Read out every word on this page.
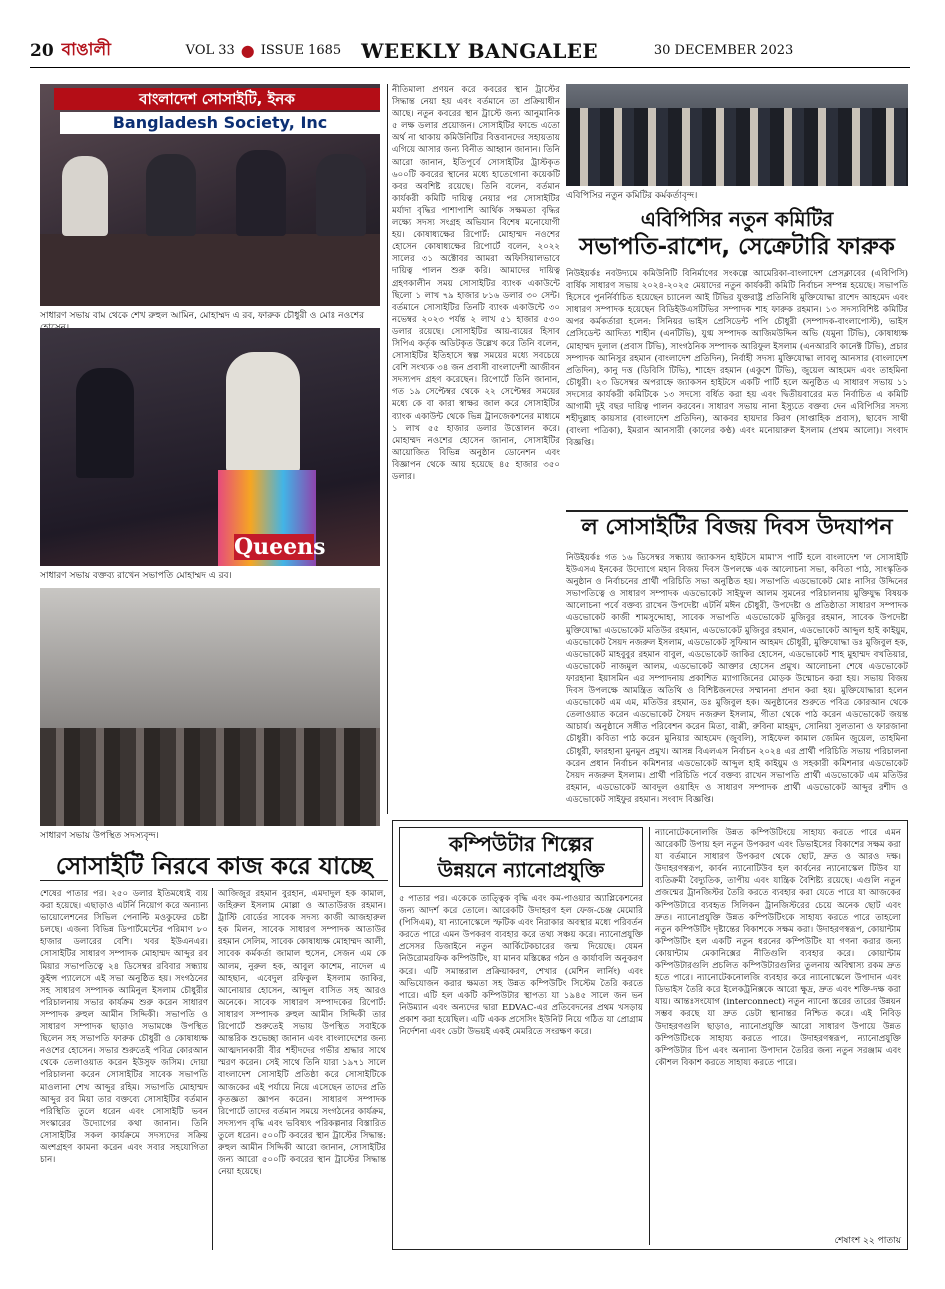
20 বাঙালী	VOL 33 ● ISSUE 1685 WEEKLY BANGALEE	30 DECEMBER 2023
বাংলাদেশ সোসাইটি, ইনক
Bangladesh Society, Inc
সাধারণ সভায় বাম থেকে শেখ রুহুল আমিন, মোহাম্মদ এ রব, ফারুক চৌধুরী ও মোঃ নওশের
Queens
সাধারণ সভায় বক্তব্য রাখেন সভাপতি মোহাম্মদ এ রব।
সাধারণ সভায় উপস্থিত সদস্যবৃন্দ।
সোসাইটি নিরবে কাজ করে যাচ্ছে
শেষের পাতার পর। ২৫০ ডলার ইতিমধ্যেই ব্যয় করা হয়েছে। এছাড়াও এটর্নি নিয়োগ করে অন্যান্য ভায়োলেশনের সিভিল পেনাল্টি মওকুফের চেষ্টা চলছে। এজন্য বিভিন্ন ডিপার্টমেন্টের পরিমাণ ৮০ হাজার ডলারের বেশি। খবর ইউএনএর। সোসাইটির সাধারণ সম্পাদক মোহাম্মদ আব্দুর রব মিয়ার সভাপতিত্বে ২৪ ডিসেম্বর রবিবার সন্ধ্যায় কুইন্স প্যালেসে এই সভা অনুষ্ঠিত হয়। সংগঠনের সহ সাধারণ সম্পাদক আমিনুল ইসলাম চৌধুরীর পরিচালনায় সভার কার্যক্রম শুরু করেন সাধারণ সম্পাদক রুহুল আমীন সিদ্দিকী। সভাপতি ও সাধারণ সম্পাদক ছাড়াও সভামঞ্চে উপস্থিত ছিলেন সহ সভাপতি ফারুক চৌধুরী ও কোষাধ্যক্ষ নওশের হোসেন। সভার শুরুতেই পবিত্র কোরআন থেকে তেলাওয়াত করেন ইউসুফ জসিম। দোয়া পরিচালনা করেন সোসাইটির সাবেক সভাপতি মাওলানা শেখ আব্দুর রহিম। সভাপতি মোহাম্মদ আব্দুর রব মিয়া তার বক্তব্যে সোসাইটির বর্তমান পরিস্থিতি তুলে ধরেন এবং সোসাইটি ভবন সংস্কারের উদ্যোগের কথা জানান। তিনি সোসাইটির সকল কার্যক্রমে সদস্যদের সক্রিয় অংশগ্রহণ কামনা করেন এবং সবার সহযোগিতা চান।
আজিজুর রহমান বুরহান, এমদাদুল হক কামাল, জহিরুল ইসলাম মোল্লা ও আতাউরজ রহমান। ট্রাস্টি বোর্ডের সাবেক সদস্য কাজী আজহারুল হক মিলন, সাবেক সাধারণ সম্পাদক আতাউর রহমান সেলিম, সাবেক কোষাধ্যক্ষ মোহাম্মদ আলী, সাবেক কর্মকর্তা জামাল হুসেন, সেজন এম কে আলম, নুরুল হক, আবুল কাশেম, নাদেল এ আহছান, এবেদুল রফিকুল ইসলাম জাকির, আনোয়ার হোসেন, আব্দুল বাসিত সহ আরও অনেকে। সাবেক সাধারণ সম্পাদকের রিপোর্ট: সাধারণ সম্পাদক রুহুল আমীন সিদ্দিকী তার রিপোর্টে শুরুতেই সভায় উপস্থিত সবাইকে আন্তরিক শুভেচ্ছা জানান এবং বাংলাদেশের জন্য আত্মদানকারী বীর শহীদদের গভীর শ্রদ্ধার সাথে স্মরণ করেন। সেই সাথে তিনি যারা ১৯৭১ সালে বাংলাদেশ সোসাইটি প্রতিষ্ঠা করে সোসাইটিকে আজকের এই পর্যায়ে নিয়ে এসেছেন তাদের প্রতি কৃতজ্ঞতা জ্ঞাপন করেন। সাধারণ সম্পাদক রিপোর্টে তাদের বর্তমান সময়ে সংগঠনের কার্যক্রম, সদস্যপদ বৃদ্ধি এবং ভবিষ্যৎ পরিকল্পনার বিস্তারিত তুলে ধরেন। ৫০০টি কবরের স্থান ট্রাস্টের সিদ্ধান্ত: রুহুল আমীন সিদ্দিকী আরো জানান, সোসাইটির জন্য আরো ৫০০টি কবরের স্থান ট্রাস্টের সিদ্ধান্ত নেয়া হয়েছে।
নীতিমালা প্রণয়ন করে কবরের স্থান ট্রাস্টের সিদ্ধান্ত নেয়া হয় এবং বর্তমানে তা প্রক্রিয়াধীন আছে। নতুন কবরের স্থান ট্রাস্টে জন্য আনুমানিক ৫ লক্ষ ডলার প্রয়োজন। সোসাইটির ফান্ডে এতো অর্থ না থাকায় কমিউনিটির বিত্তবানদের সহায়তায় এগিয়ে আসার জন্য বিনীত আহ্বান জানান। তিনি আরো জানান, ইতিপূর্বে সোসাইটির ট্রাস্টকৃত ৬০০টি কবরের স্থানের মধ্যে হাতেগোনা কয়েকটি কবর অবশিষ্ট রয়েছে। তিনি বলেন, বর্তমান কার্যকরী কমিটি দায়িত্ব নেয়ার পর সোসাইটির মর্যাদা বৃদ্ধির পাশাপাশি আর্থিক সক্ষমতা বৃদ্ধির লক্ষ্যে সদস্য সংগ্রহ অভিযান বিশেষ মনোযোগী হয়। কোষাধ্যক্ষের রিপোর্ট: মোহাম্মদ নওশের হোসেন কোষাধ্যক্ষের রিপোর্টে বলেন, ২০২২ সালের ৩১ অক্টোবর আমরা অফিসিয়ালভাবে দায়িত্ব পালন শুরু করি। আমাদের দায়িত্ব গ্রহণকালীন সময় সোসাইটির ব্যাংক একাউন্টে ছিলো ১ লাখ ৭৯ হাজার ৮১৬ ডলার ৩০ সেন্ট। বর্তমানে সোসাইটির তিনটি ব্যাংক একাউন্টে ৩০ নভেম্বর ২০২৩ পর্যন্ত ২ লাখ ৫১ হাজার ৫৩০ ডলার রয়েছে। সোসাইটির আয়-ব্যয়ের হিসাব সিপিএ কর্তৃক অডিটকৃত উল্লেখ করে তিনি বলেন, সোসাইটির ইতিহাসে স্বল্প সময়ের মধ্যে সবচেয়ে বেশি সংখ্যক ৩৪ জন প্রবাসী বাংলাদেশী আজীবন সদস্যপদ গ্রহণ করেছেন। রিপোর্টে তিনি জানান, গত ১৯ সেপ্টেম্বর থেকে ২২ সেপ্টেম্বর সময়ের মধ্যে কে বা কারা স্বাক্ষর জাল করে সোসাইটির ব্যাংক একাউন্ট থেকে ভিন্ন ট্রানজেকশনের মাধ্যমে ১ লাখ ৫৫ হাজার ডলার উত্তোলন করে। মোহাম্মদ নওশের হোসেন জানান, সোসাইটির আয়োজিত বিভিন্ন অনুষ্ঠান ডোনেশন এবং বিজ্ঞাপন থেকে আয় হয়েছে ৪৫ হাজার ৩৫০ ডলার।
এবিপিসির নতুন কমিটির কর্মকর্তাবৃন্দ।
এবিপিসির নতুন কমিটির
সভাপতি-রাশেদ, সেক্রেটারি ফারুক
নিউইয়র্কঃ নবউদ্যমে কমিউনিটি বিনির্মাণের সংকল্পে আমেরিকা-বাংলাদেশ প্রেসক্লাবের (এবিপিসি) বার্ষিক সাধারণ সভায় ২০২৪-২০২৫ মেয়াদের নতুন কার্যকরী কমিটি নির্বাচন সম্পন্ন হয়েছে। সভাপতি হিসেবে পুনর্নির্বাচিত হয়েছেন চ্যানেল আই টিভির যুক্তরাষ্ট্র প্রতিনিধি মুক্তিযোদ্ধা রাশেদ আহমেদ এবং সাধারণ সম্পাদক হয়েছেন বিডিইউএসটিভির সম্পাদক শাহ ফারুক রহমান। ১৩ সদস্যবিশিষ্ট কমিটির অপর কর্মকর্তারা হলেন: সিনিয়র ভাইস প্রেসিডেন্ট পপি চৌধুরী (সম্পাদক-বাংলাপোস্ট), ভাইস প্রেসিডেন্ট আদিত্য শাহীন (এনটিভি), যুগ্ম সম্পাদক আজিমউদ্দিন অভি (যমুনা টিভি), কোষাধ্যক্ষ মোহাম্মদ দুলাল (প্রবাস টিভি), সাংগঠনিক সম্পাদক আরিফুল ইসলাম (এনআরবি কানেক্ট টিভি), প্রচার সম্পাদক আনিসুর রহমান (বাংলাদেশ প্রতিদিন), নির্বাহী সদস্য মুক্তিযোদ্ধা লাবলু আনসার (বাংলাদেশ প্রতিদিন), কানু দত্ত (ডিবিসি টিভি), শাহেদ রহমান (একুশে টিভি), জুয়েল আহমেদ এবং তাহমিনা চৌধুরী। ২৩ ডিসেম্বর অপরাহ্নে জ্যাকসন হাইটসে একটি পার্টি হলে অনুষ্ঠিত এ সাধারণ সভায় ১১ সদস্যের কার্যকরী কমিটিকে ১৩ সদস্যে বর্ধিত করা হয় এবং দ্বিতীয়বারের মত নির্বাচিত এ কমিটি আগামী দুই বছর দায়িত্ব পালন করবেন। সাধারণ সভায় নানা ইস্যুতে বক্তব্য দেন এবিপিসির সদস্য শহীদুল্লাহ কায়সার (বাংলাদেশ প্রতিদিন), আকবর হায়দার কিরণ (সাপ্তাহিক প্রবাস), ছাবেদ সাথী (বাংলা পত্রিকা), ইমরান আনসারী (কালের কণ্ঠ) এবং মনোয়ারুল ইসলাম (প্রথম আলো)। সংবাদ বিজ্ঞপ্তি।
ল সোসাইটির বিজয় দিবস উদযাপন
নিউইয়র্কঃ গত ১৬ ডিসেম্বর সন্ধ্যায় জ্যাকসন হাইটসে মামা'স পার্টি হলে বাংলাদেশ 'ল সোসাইটি ইউএসএ ইনকের উদ্যোগে মহান বিজয় দিবস উপলক্ষে এক আলোচনা সভা, কবিতা পাঠ, সাংস্কৃতিক অনুষ্ঠান ও নির্বাচনের প্রার্থী পরিচিতি সভা অনুষ্ঠিত হয়। সভাপতি এডভোকেট মোঃ নাসির উদ্দিনের সভাপতিত্বে ও সাধারণ সম্পাদক এডভোকেট সাইফুল আলম সুমনের পরিচালনায় মুক্তিযুদ্ধ বিষয়ক আলোচনা পর্বে বক্তব্য রাখেন উপদেষ্টা এটর্নি মঈন চৌধুরী, উপদেষ্টা ও প্রতিষ্ঠাতা সাধারণ সম্পাদক এডভোকেট কাজী শামসুদ্দোহা, সাবেক সভাপতি এডভোকেট মুজিবুর রহমান, সাবেক উপদেষ্টা মুক্তিযোদ্ধা এডভোকেট মতিউর রহমান, এডভোকেট মুজিবুর রহমান, এডভোকেট আব্দুল হাই কাইয়ুম, এডভোকেট সৈয়দ নজরুল ইসলাম, এডভোকেট সুফিয়ান আহমদ চৌধুরী, মুক্তিযোদ্ধা ডঃ মুজিবুল হক, এডভোকেট মাহবুবুর রহমান বাবুল, এডভোকেট জাকির হোসেন, এডভোকেট শাহ মুহাম্মদ বখতিয়ার, এডভোকেট নাজমুল আলম, এডভোকেট আক্তার হোসেন প্রমুখ। আলোচনা শেষে এডভোকেট ফারহানা ইয়াসমিন এর সম্পাদনায় প্রকাশিত ম্যাগাজিনের মোড়ক উন্মোচন করা হয়। সভায় বিজয় দিবস উপলক্ষে আমন্ত্রিত অতিথি ও বিশিষ্টজনদের সম্মাননা প্রদান করা হয়। মুক্তিযোদ্ধারা হলেন এডভোকেট এম এম, মতিউর রহমান, ডঃ মুজিবুল হক। অনুষ্ঠানের শুরুতে পবিত্র কোরআন থেকে তেলাওয়াত করেন এডভোকেট সৈয়দ নজরুল ইসলাম, গীতা থেকে পাঠ করেন এডভোকেট জয়ন্ত আচার্য। অনুষ্ঠানে সঙ্গীত পরিবেশন করেন মিতা, বাপ্পী, রুবিনা মাহমুদ, সোনিয়া সুলতানা ও ফারজানা চৌধুরী। কবিতা পাঠ করেন মুনিয়ার আহমেদ (জুবলি), সাইফেল কামাল জেমিন জুয়েল, তাহমিনা চৌধুরী, ফারহানা মুনমুন প্রমুখ। আসন্ন বিএলএস নির্বাচন ২০২৪ এর প্রার্থী পরিচিতি সভায় পরিচালনা করেন প্রধান নির্বাচন কমিশনার এডভোকেট আব্দুল হাই কাইয়ুম ও সহকারী কমিশনার এডভোকেট সৈয়দ নজরুল ইসলাম। প্রার্থী পরিচিতি পর্বে বক্তব্য রাখেন সভাপতি প্রার্থী এডভোকেট এম মতিউর রহমান, এডভোকেট আবদুল ওয়াহিদ ও সাধারণ সম্পাদক প্রার্থী এডভোকেট আব্দুর রশীদ ও এডভোকেট সাইফুর রহমান। সংবাদ বিজ্ঞপ্তি।
কম্পিউটার শিল্পের
উন্নয়নে ন্যানোপ্রযুক্তি
৫ পাতার পর। একেকে তাত্ত্বিক বৃদ্ধি এবং কম-পাওয়ার অ্যাপ্লিকেশনের জন্য আদর্শ করে তোলে। আরেকটি উদাহরণ হল ফেজ-চেঞ্জ মেমোরি (পিসিএম), যা ন্যানোস্কেলে স্ফটিক এবং নিরাকার অবস্থার মধ্যে পরিবর্তন করতে পারে এমন উপকরণ ব্যবহার করে তথ্য সঞ্চয় করে। ন্যানোপ্রযুক্তি প্রসেসর ডিজাইনে নতুন আর্কিটেকচারের জন্ম দিয়েছে। যেমন নিউরোমরফিক কম্পিউটিং, যা মানব মস্তিষ্কের গঠন ও কার্যাবলি অনুকরণ করে। এটি সমান্তরাল প্রক্রিয়াকরণ, শেখার (মেশিন লার্নিং) এবং অভিযোজন করার ক্ষমতা সহ উন্নত কম্পিউটিং সিস্টেম তৈরি করতে পারে। এটি হল একটি কম্পিউটার স্থাপত্য যা ১৯৪৫ সালে জন ভন নিউম্যান এবং অন্যদের দ্বারা EDVAC-এর প্রতিবেদনের প্রথম খসড়ায় প্রকাশ করা হয়েছিল। এটি একক প্রসেসিং ইউনিট নিয়ে গঠিত যা প্রোগ্রাম নির্দেশনা এবং ডেটা উভয়ই একই মেমরিতে সংরক্ষণ করে।
ন্যানোটেকনোলজি উন্নত কম্পিউটিংয়ে সাহায্য করতে পারে এমন আরেকটি উপায় হল নতুন উপকরণ এবং ডিভাইসের বিকাশের সক্ষম করা যা বর্তমানে সাধারণ উপকরণ থেকে ছোট, দ্রুত ও আরও দক্ষ। উদাহরণস্বরূপ, কার্বন ন্যানোটিউব হল কার্বনের ন্যানোস্কেল টিউব যা ব্যতিক্রমী বৈদ্যুতিক, তাপীয় এবং যান্ত্রিক বৈশিষ্ট্য রয়েছে। এগুলি নতুন প্রজন্মের ট্রানজিস্টর তৈরি করতে ব্যবহার করা যেতে পারে যা আজকের কম্পিউটারে ব্যবহৃত সিলিকন ট্রানজিস্টরের চেয়ে অনেক ছোট এবং দ্রুত। ন্যানোপ্রযুক্তি উন্নত কম্পিউটিংকে সাহায্য করতে পারে তাহলো নতুন কম্পিউটিং দৃষ্টান্তের বিকাশকে সক্ষম করা। উদাহরণস্বরূপ, কোয়ান্টাম কম্পিউটিং হল একটি নতুন ধরনের কম্পিউটিং যা গণনা করার জন্য কোয়ান্টাম মেকানিক্সের নীতিগুলি ব্যবহার করে। কোয়ান্টাম কম্পিউটারগুলি প্রচলিত কম্পিউটারগুলির তুলনায় অবিশ্বাস্য রকম দ্রুত হতে পারে। ন্যানোটেকনোলজি ব্যবহার করে ন্যানোস্কেলে উপাদান এবং ডিভাইস তৈরি করে ইলেকট্রনিক্সকে আরো ক্ষুদ্র, দ্রুত এবং শক্তি-দক্ষ করা যায়। আন্তঃসংযোগ (interconnect) নতুন ন্যানো স্তরের তারের উন্নয়ন সম্ভব করছে যা দ্রুত ডেটা স্থানান্তর নিশ্চিত করে। এই নিবিড় উদাহরণগুলি ছাড়াও, ন্যানোপ্রযুক্তি আরো সাধারণ উপায়ে উন্নত কম্পিউটিংকে সাহায্য করতে পারে। উদাহরণস্বরূপ, ন্যানোপ্রযুক্তি কম্পিউটার চিপ এবং অন্যান্য উপাদান তৈরির জন্য নতুন সরঞ্জাম এবং কৌশল বিকাশ করতে সাহায্য করতে পারে।
শেষাংশ ২২ পাতায়
